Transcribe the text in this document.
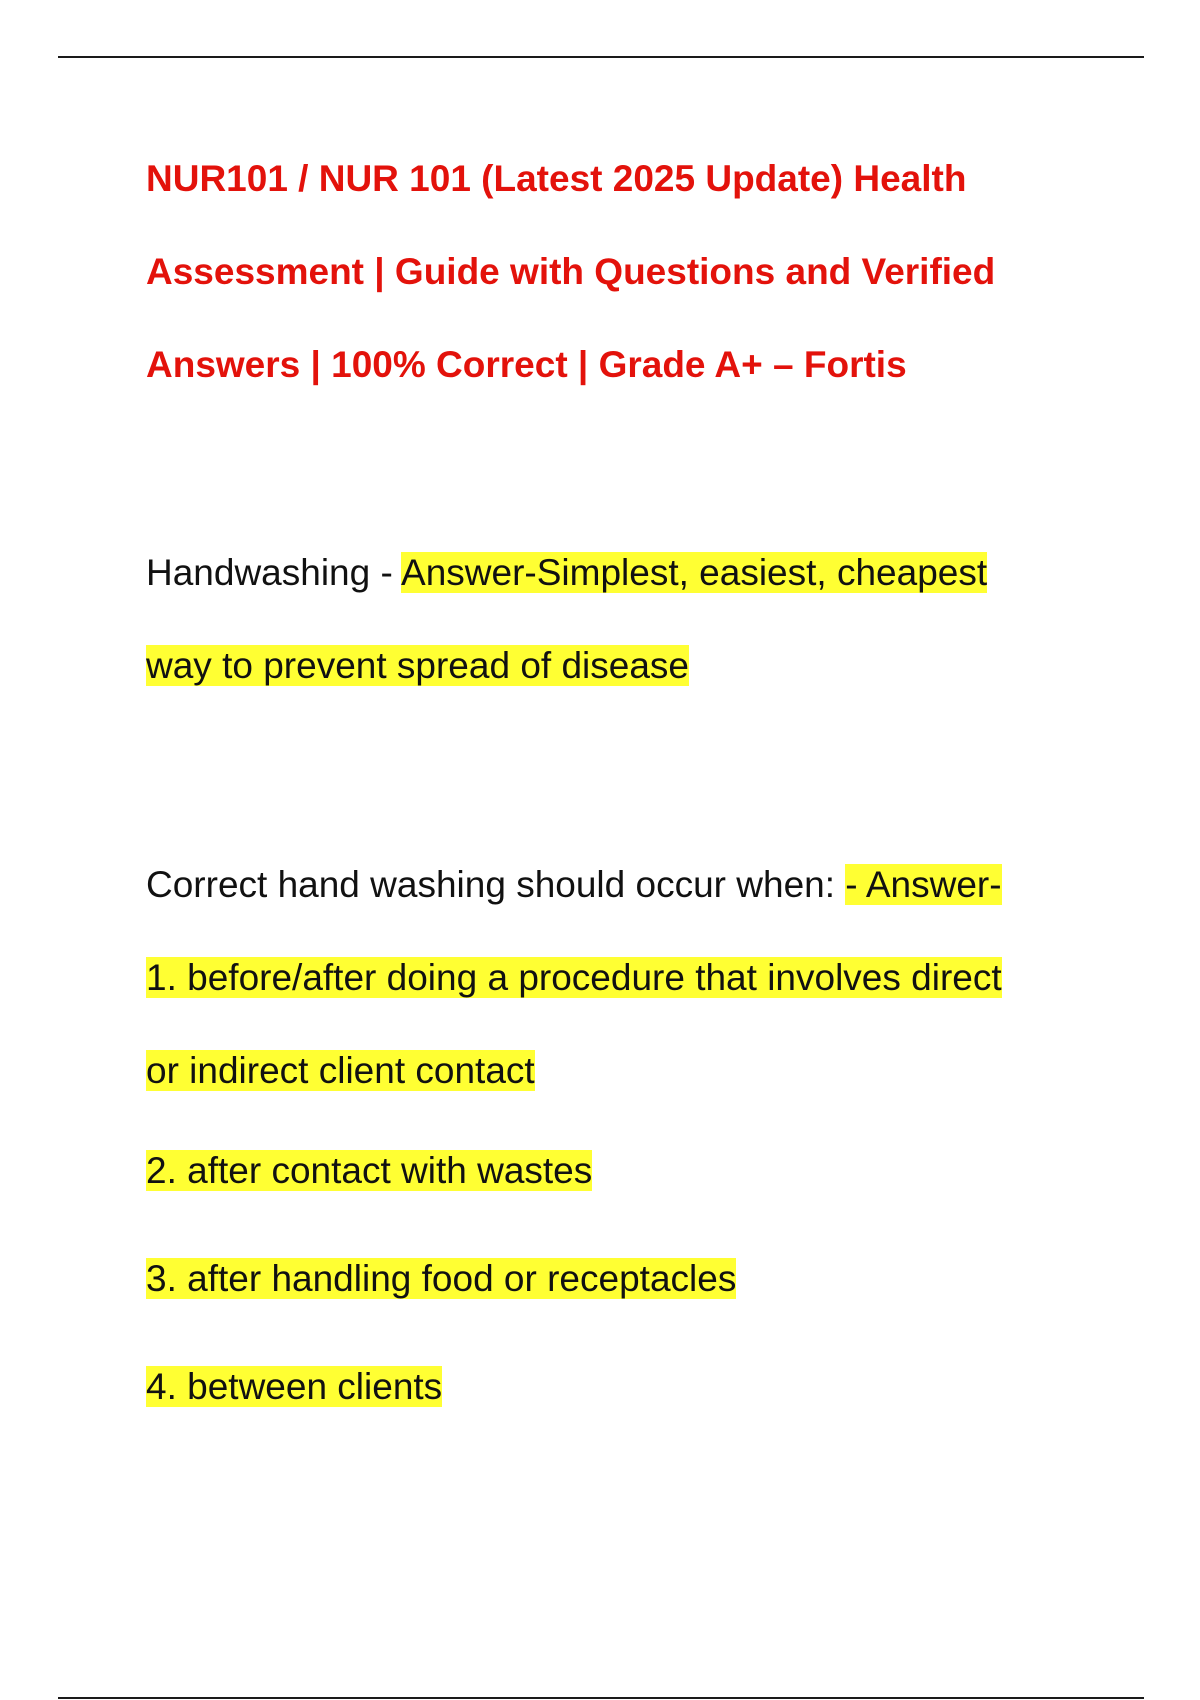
NUR101 / NUR 101 (Latest 2025 Update) Health
Assessment | Guide with Questions and Verified
Answers | 100% Correct | Grade A+ – Fortis
Handwashing - Answer-Simplest, easiest, cheapest
way to prevent spread of disease
Correct hand washing should occur when: - Answer-
1. before/after doing a procedure that involves direct
or indirect client contact
2. after contact with wastes
3. after handling food or receptacles
4. between clients
